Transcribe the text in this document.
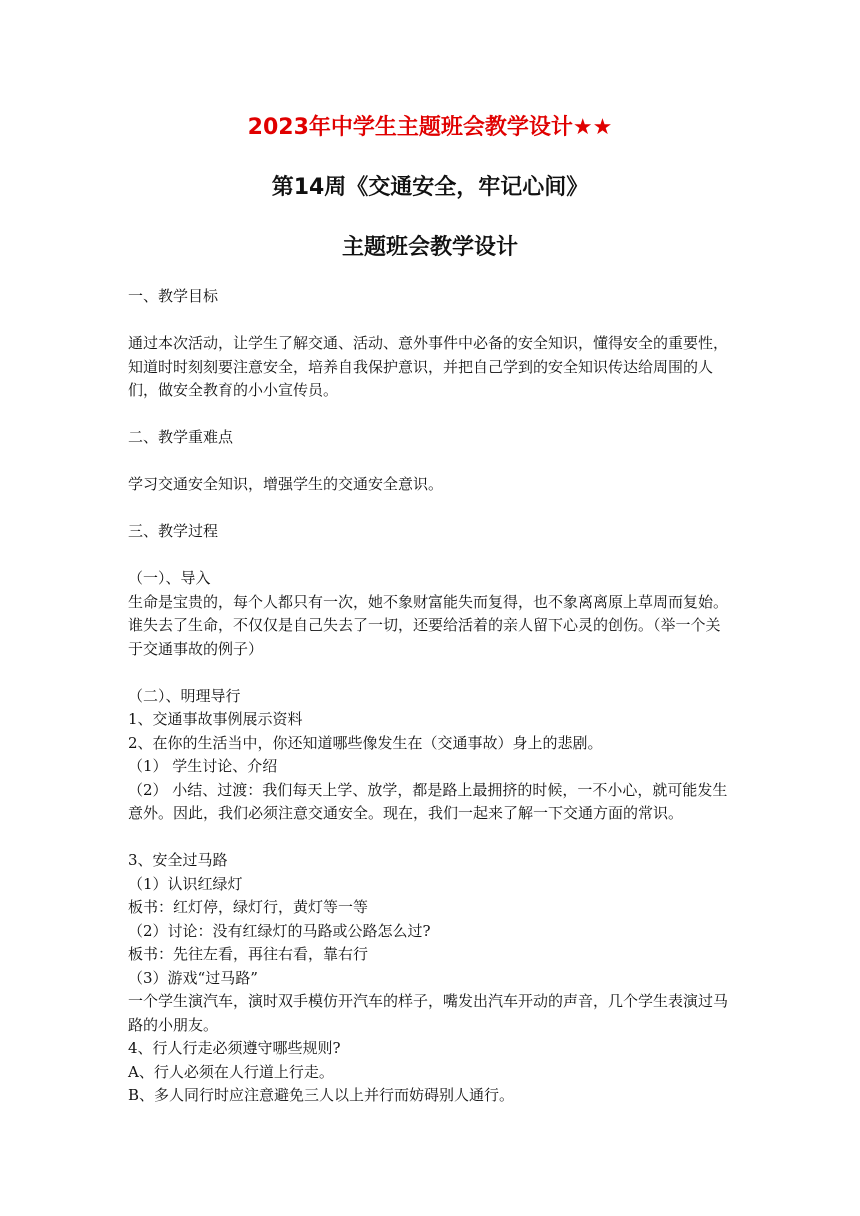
2023年中学生主题班会教学设计★★
第14周《交通安全，牢记心间》
主题班会教学设计

一、教学目标

通过本次活动，让学生了解交通、活动、意外事件中必备的安全知识，懂得安全的重要性，知道时时刻刻要注意安全，培养自我保护意识，并把自己学到的安全知识传达给周围的人们，做安全教育的小小宣传员。

二、教学重难点

学习交通安全知识，增强学生的交通安全意识。

三、教学过程

（一）、导入

生命是宝贵的，每个人都只有一次，她不象财富能失而复得，也不象离离原上草周而复始。谁失去了生命，不仅仅是自己失去了一切，还要给活着的亲人留下心灵的创伤。（举一个关于交通事故的例子）

（二）、明理导行

1、交通事故事例展示资料

2、在你的生活当中，你还知道哪些像发生在（交通事故）身上的悲剧。

（1） 学生讨论、介绍

（2） 小结、过渡：我们每天上学、放学，都是路上最拥挤的时候，一不小心，就可能发生意外。因此，我们必须注意交通安全。现在，我们一起来了解一下交通方面的常识。

3、安全过马路

（1）认识红绿灯

板书：红灯停，绿灯行，黄灯等一等

（2）讨论：没有红绿灯的马路或公路怎么过?

板书：先往左看，再往右看，靠右行

（3）游戏“过马路”

一个学生演汽车，演时双手模仿开汽车的样子，嘴发出汽车开动的声音，几个学生表演过马路的小朋友。

4、行人行走必须遵守哪些规则?

A、行人必须在人行道上行走。

B、多人同行时应注意避免三人以上并行而妨碍别人通行。
